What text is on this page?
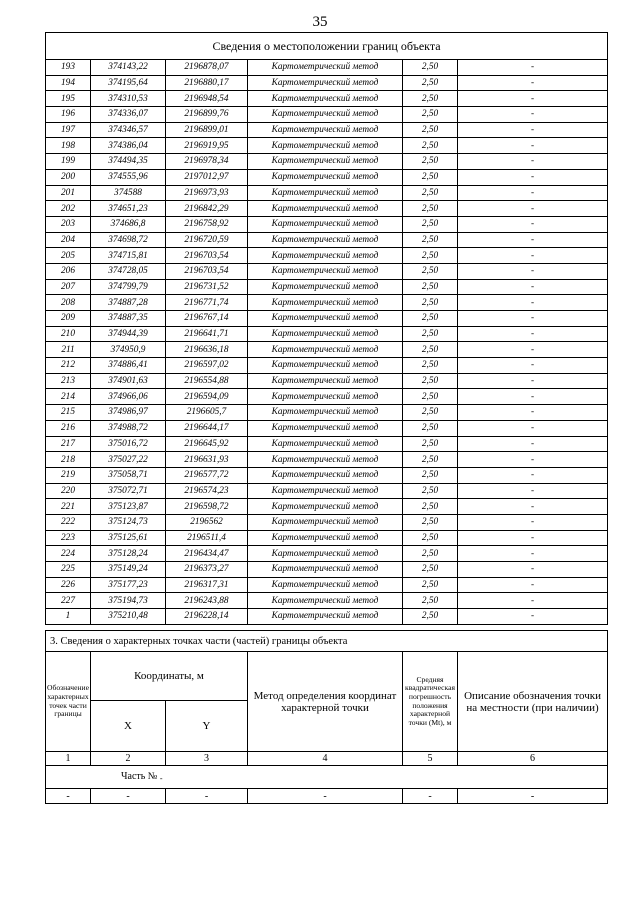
35
Сведения о местоположении границ объекта					
193	374143,22	2196878,07	Картометрический метод	2,50	-
194	374195,64	2196880,17	Картометрический метод	2,50	-
195	374310,53	2196948,54	Картометрический метод	2,50	-
196	374336,07	2196899,76	Картометрический метод	2,50	-
197	374346,57	2196899,01	Картометрический метод	2,50	-
198	374386,04	2196919,95	Картометрический метод	2,50	-
199	374494,35	2196978,34	Картометрический метод	2,50	-
200	374555,96	2197012,97	Картометрический метод	2,50	-
201	374588	2196973,93	Картометрический метод	2,50	-
202	374651,23	2196842,29	Картометрический метод	2,50	-
203	374686,8	2196758,92	Картометрический метод	2,50	-
204	374698,72	2196720,59	Картометрический метод	2,50	-
205	374715,81	2196703,54	Картометрический метод	2,50	-
206	374728,05	2196703,54	Картометрический метод	2,50	-
207	374799,79	2196731,52	Картометрический метод	2,50	-
208	374887,28	2196771,74	Картометрический метод	2,50	-
209	374887,35	2196767,14	Картометрический метод	2,50	-
210	374944,39	2196641,71	Картометрический метод	2,50	-
211	374950,9	2196636,18	Картометрический метод	2,50	-
212	374886,41	2196597,02	Картометрический метод	2,50	-
213	374901,63	2196554,88	Картометрический метод	2,50	-
214	374966,06	2196594,09	Картометрический метод	2,50	-
215	374986,97	2196605,7	Картометрический метод	2,50	-
216	374988,72	2196644,17	Картометрический метод	2,50	-
217	375016,72	2196645,92	Картометрический метод	2,50	-
218	375027,22	2196631,93	Картометрический метод	2,50	-
219	375058,71	2196577,72	Картометрический метод	2,50	-
220	375072,71	2196574,23	Картометрический метод	2,50	-
221	375123,87	2196598,72	Картометрический метод	2,50	-
222	375124,73	2196562	Картометрический метод	2,50	-
223	375125,61	2196511,4	Картометрический метод	2,50	-
224	375128,24	2196434,47	Картометрический метод	2,50	-
225	375149,24	2196373,27	Картометрический метод	2,50	-
226	375177,23	2196317,31	Картометрический метод	2,50	-
227	375194,73	2196243,88	Картометрический метод	2,50	-
1	375210,48	2196228,14	Картометрический метод	2,50	-
3. Сведения о характерных точках части (частей) границы объекта					
Обозначение характерных точек части границы	Координаты, м		Метод определения координат характерной точки	Средняя квадратическая погрешность положения характерной точки (Мt), м	Описание обозначения точки на местности (при наличии)
	X	Y			
1	2	3	4	5	6
Часть № $_-$
-	-	-	-	-	-
